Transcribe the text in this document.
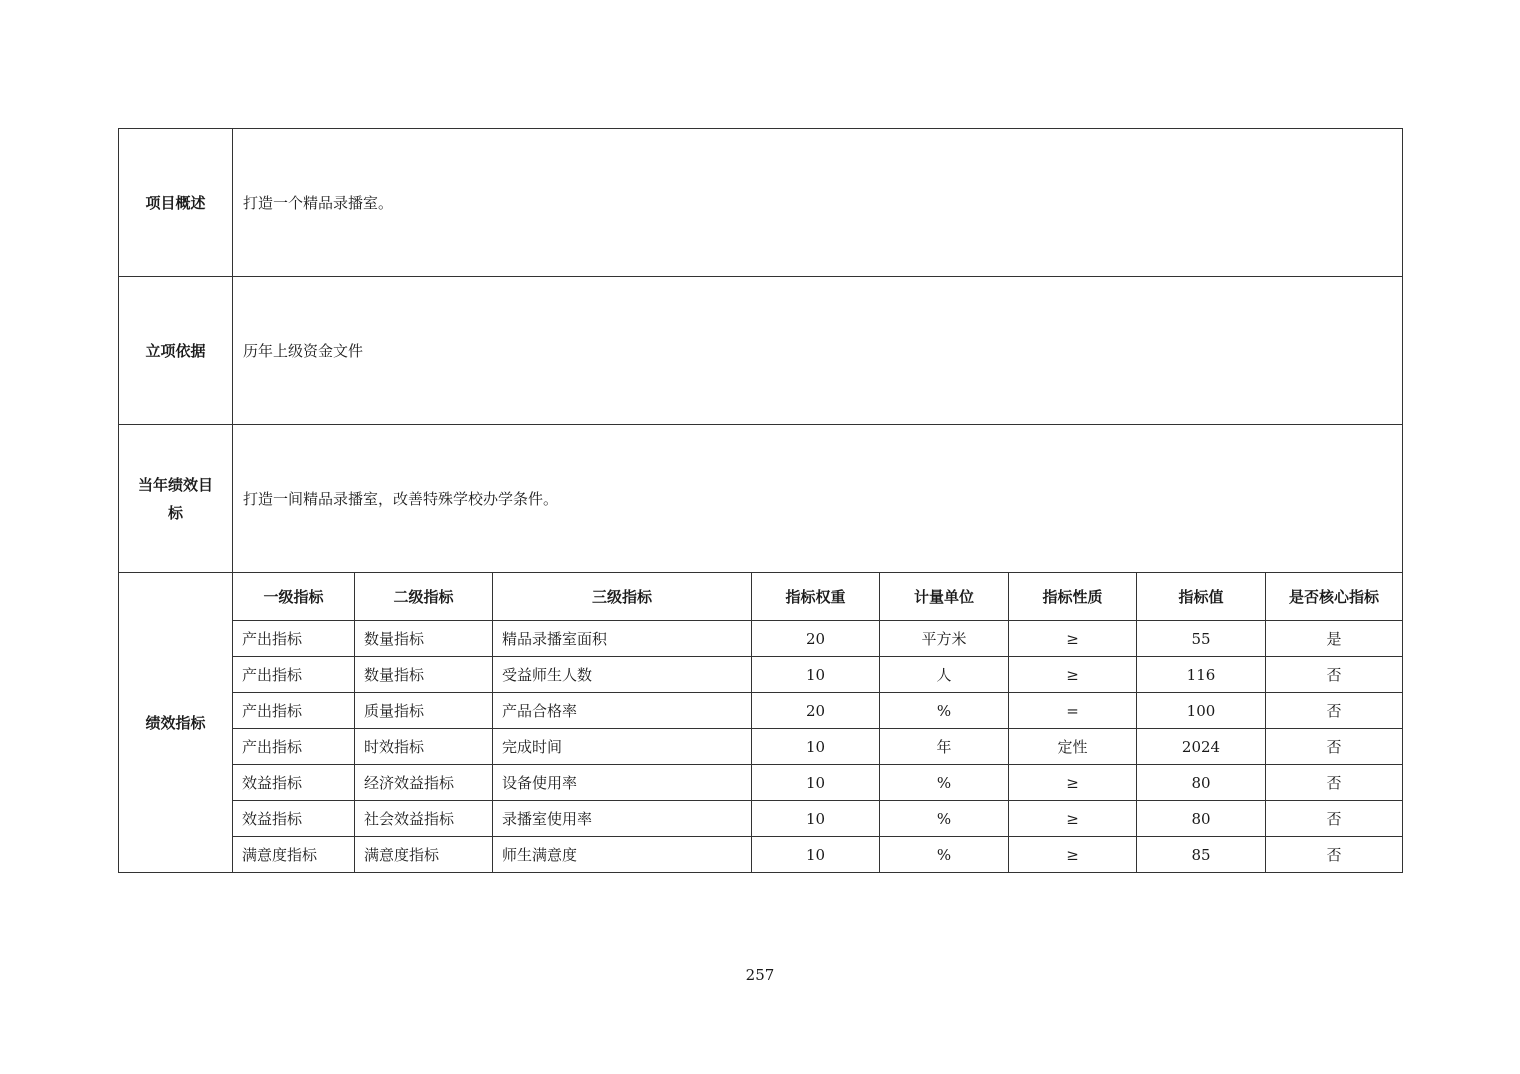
项目概述	打造一个精品录播室。							
立项依据	历年上级资金文件							
当年绩效目标	打造一间精品录播室，改善特殊学校办学条件。							
绩效指标	一级指标	二级指标	三级指标	指标权重	计量单位	指标性质	指标值	是否核心指标
	产出指标	数量指标	精品录播室面积	20	平方米	≥	55	是
	产出指标	数量指标	受益师生人数	10	人	≥	116	否
	产出指标	质量指标	产品合格率	20	%	=	100	否
	产出指标	时效指标	完成时间	10	年	定性	2024	否
	效益指标	经济效益指标	设备使用率	10	%	≥	80	否
	效益指标	社会效益指标	录播室使用率	10	%	≥	80	否
	满意度指标	满意度指标	师生满意度	10	%	≥	85	否
257
